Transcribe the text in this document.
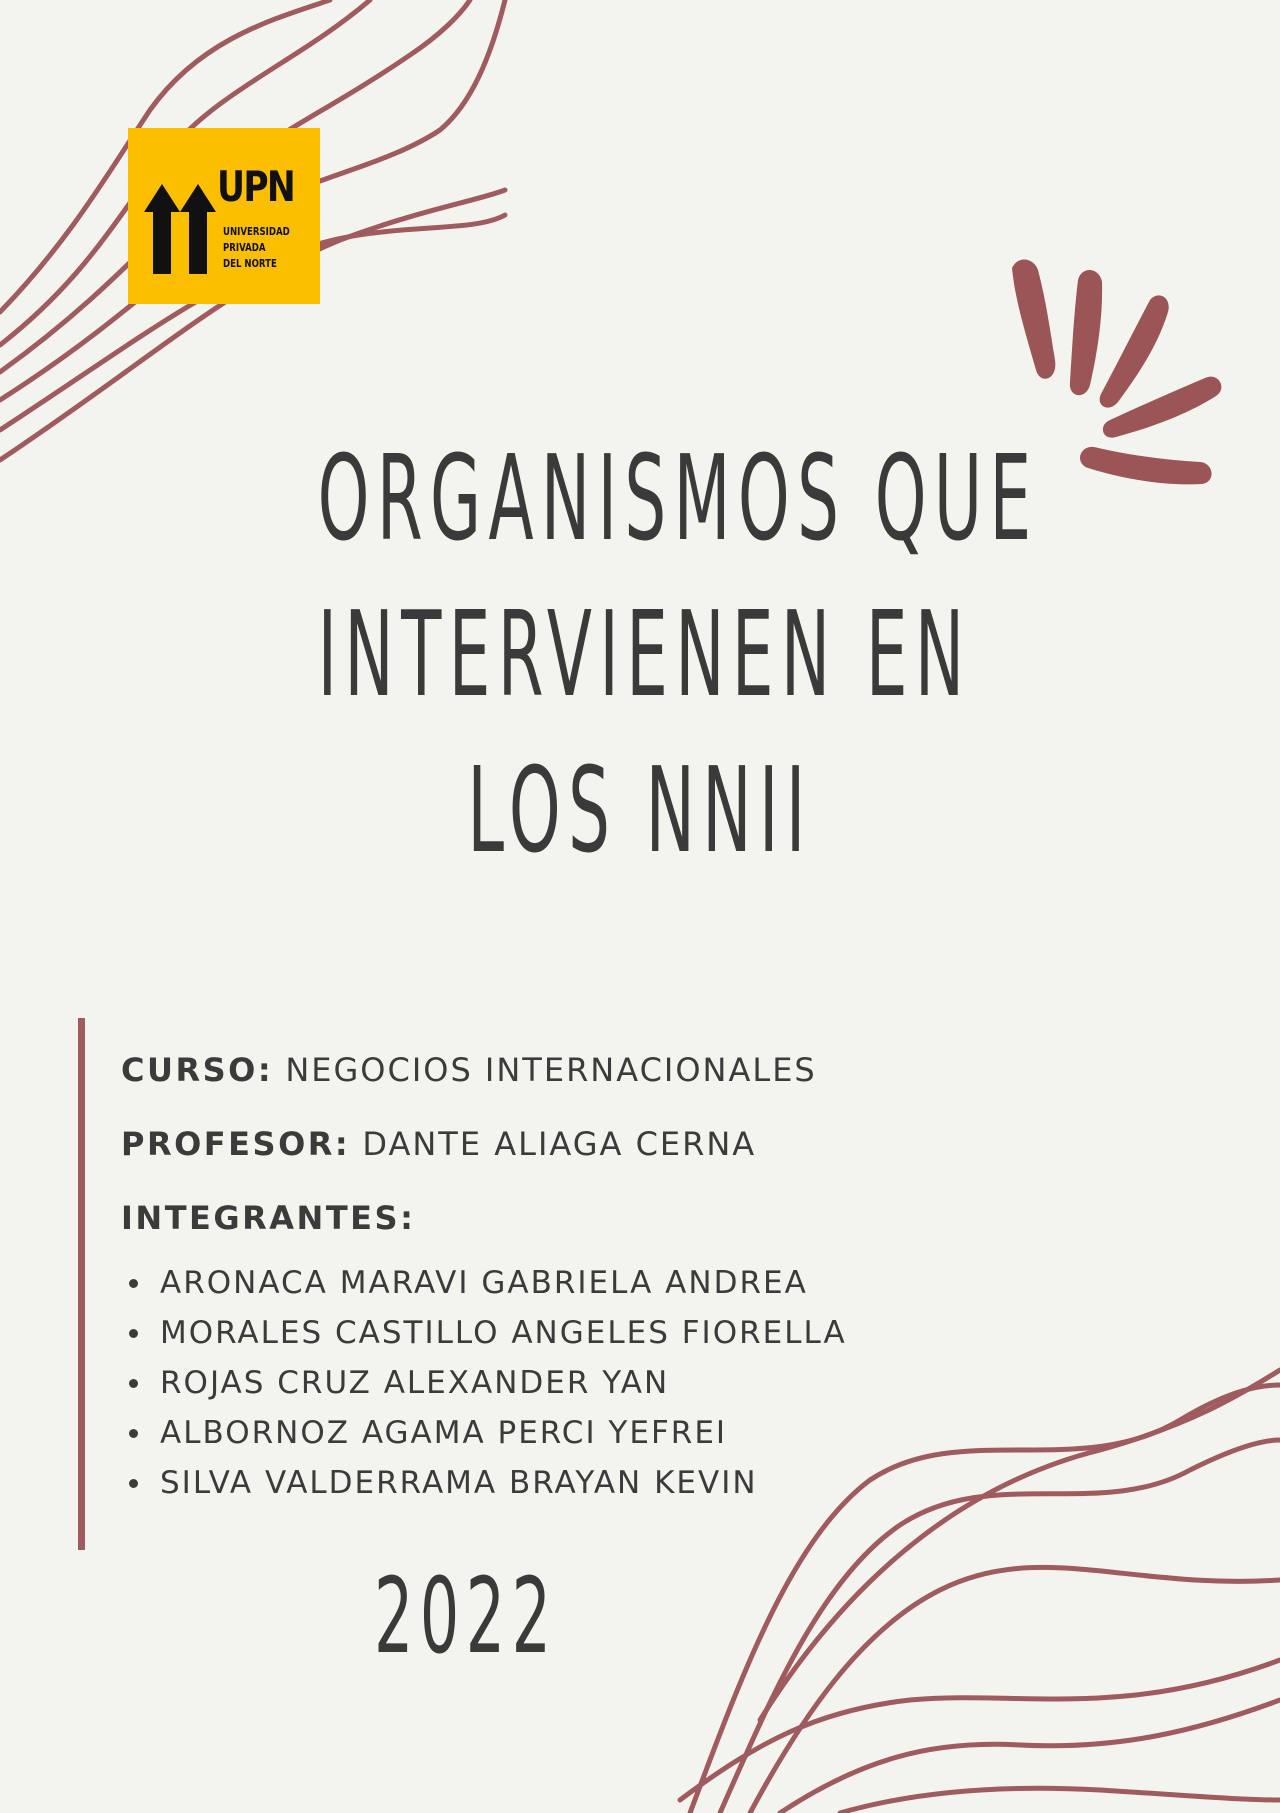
UPN
UNIVERSIDAD
PRIVADA
DEL NORTE
ORGANISMOS QUE
INTERVIENEN EN
LOS NNII
CURSO: NEGOCIOS INTERNACIONALES
PROFESOR: DANTE ALIAGA CERNA
INTEGRANTES:
ARONACA MARAVI GABRIELA ANDREA
MORALES CASTILLO ANGELES FIORELLA
ROJAS CRUZ ALEXANDER YAN
ALBORNOZ AGAMA PERCI YEFREI
SILVA VALDERRAMA BRAYAN KEVIN
2022
